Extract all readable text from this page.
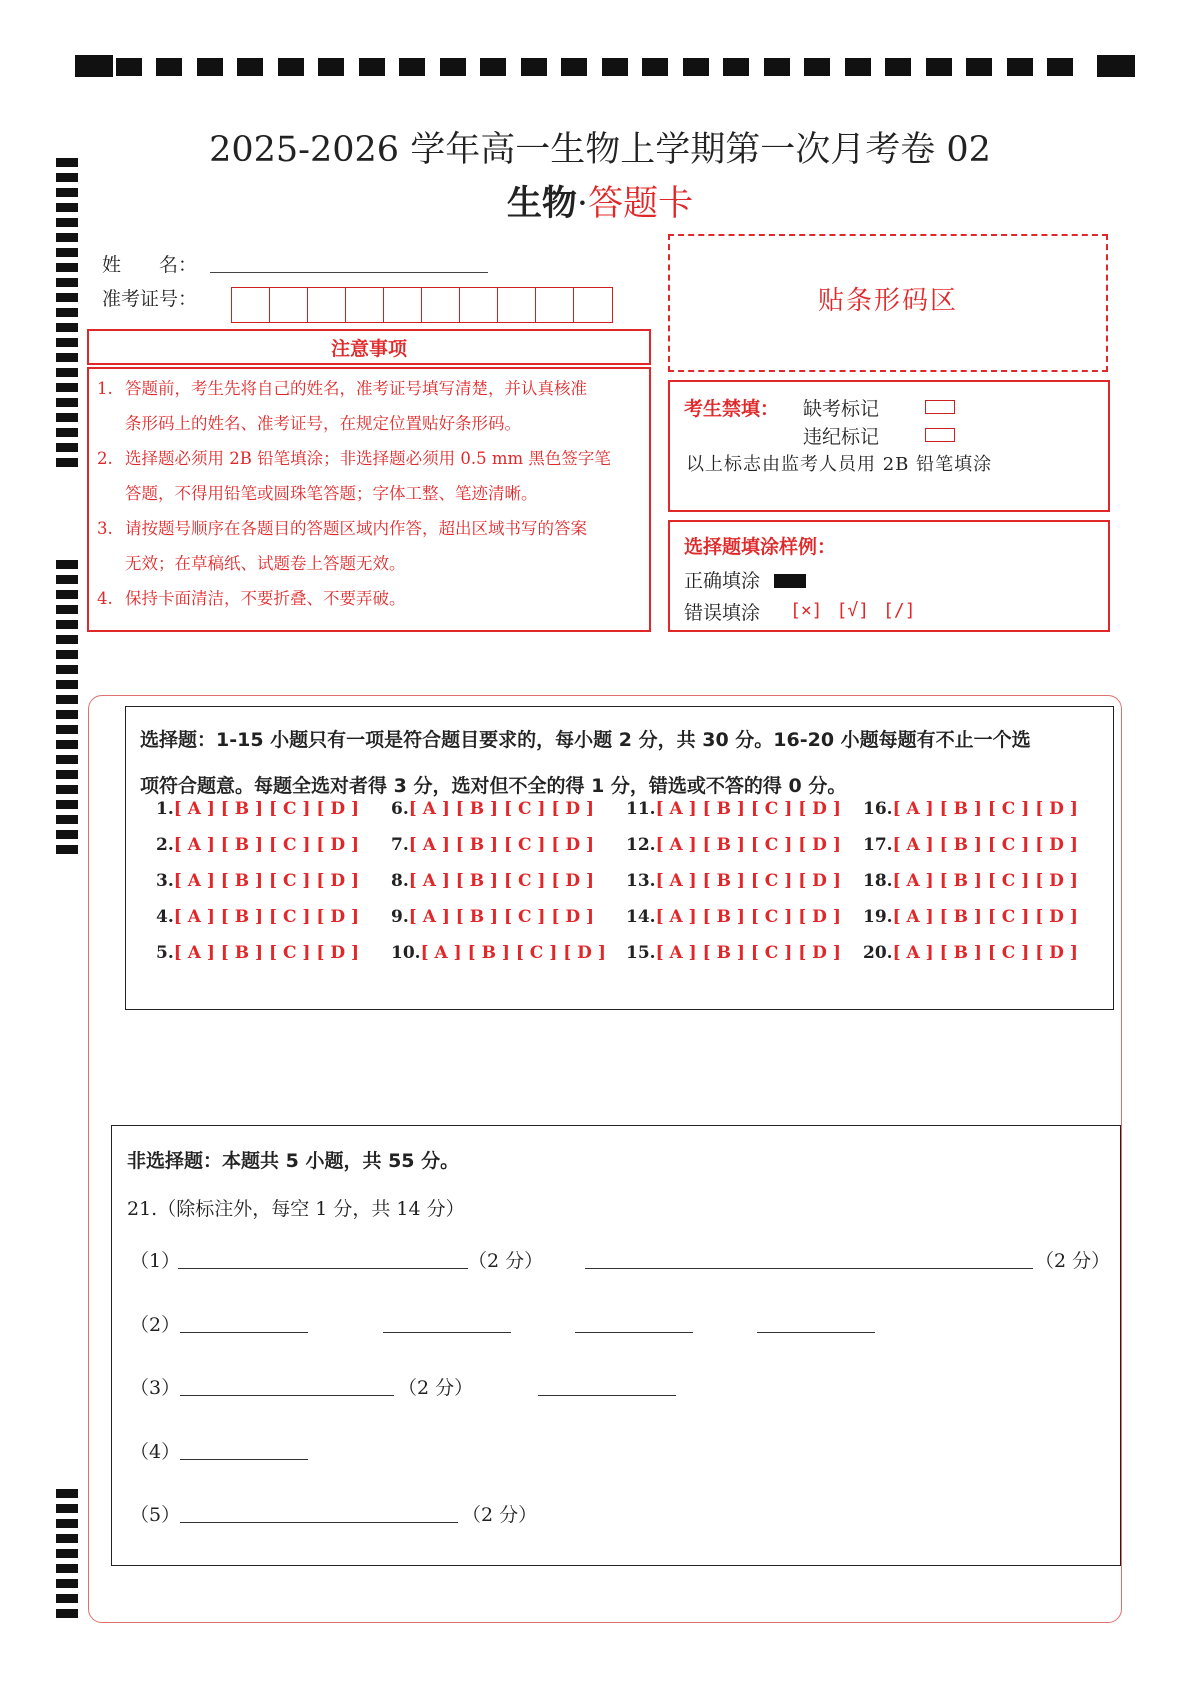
2025-2026 学年高一生物上学期第一次月考卷 02
生物·答题卡
姓　　名：
准考证号：
注意事项
1. 答题前，考生先将自己的姓名，准考证号填写清楚，并认真核准
条形码上的姓名、准考证号，在规定位置贴好条形码。
2. 选择题必须用 2B 铅笔填涂；非选择题必须用 0.5 mm 黑色签字笔
答题，不得用铅笔或圆珠笔答题；字体工整、笔迹清晰。
3. 请按题号顺序在各题目的答题区域内作答，超出区域书写的答案
无效；在草稿纸、试题卷上答题无效。
4. 保持卡面清洁，不要折叠、不要弄破。
贴条形码区
考生禁填： 缺考标记
违纪标记
以上标志由监考人员用 2B 铅笔填涂
选择题填涂样例：
正确填涂
错误填涂 [×] [√] [/]
选择题：1-15 小题只有一项是符合题目要求的，每小题 2 分，共 30 分。16-20 小题每题有不止一个选
项符合题意。每题全选对者得 3 分，选对但不全的得 1 分，错选或不答的得 0 分。
1.[ A ] [ B ] [ C ] [ D ]
2.[ A ] [ B ] [ C ] [ D ]
3.[ A ] [ B ] [ C ] [ D ]
4.[ A ] [ B ] [ C ] [ D ]
5.[ A ] [ B ] [ C ] [ D ]
6.[ A ] [ B ] [ C ] [ D ]
7.[ A ] [ B ] [ C ] [ D ]
8.[ A ] [ B ] [ C ] [ D ]
9.[ A ] [ B ] [ C ] [ D ]
10.[ A ] [ B ] [ C ] [ D ]
11.[ A ] [ B ] [ C ] [ D ]
12.[ A ] [ B ] [ C ] [ D ]
13.[ A ] [ B ] [ C ] [ D ]
14.[ A ] [ B ] [ C ] [ D ]
15.[ A ] [ B ] [ C ] [ D ]
16.[ A ] [ B ] [ C ] [ D ]
17.[ A ] [ B ] [ C ] [ D ]
18.[ A ] [ B ] [ C ] [ D ]
19.[ A ] [ B ] [ C ] [ D ]
20.[ A ] [ B ] [ C ] [ D ]
非选择题：本题共 5 小题，共 55 分。
21.（除标注外，每空 1 分，共 14 分）
（1）	（2 分）	（2 分）
（2）
（3）	（2 分）
（4）
（5）	（2 分）
